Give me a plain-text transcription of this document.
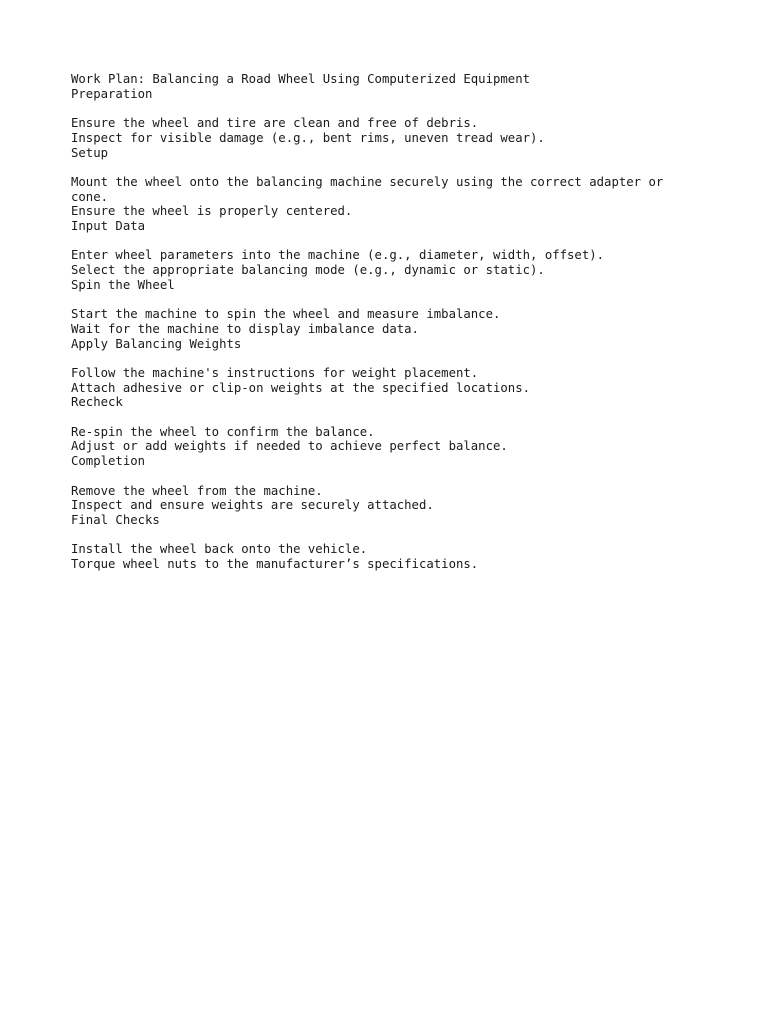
Work Plan: Balancing a Road Wheel Using Computerized Equipment
Preparation
Ensure the wheel and tire are clean and free of debris.
Inspect for visible damage (e.g., bent rims, uneven tread wear).
Setup
Mount the wheel onto the balancing machine securely using the correct adapter or
cone.
Ensure the wheel is properly centered.
Input Data
Enter wheel parameters into the machine (e.g., diameter, width, offset).
Select the appropriate balancing mode (e.g., dynamic or static).
Spin the Wheel
Start the machine to spin the wheel and measure imbalance.
Wait for the machine to display imbalance data.
Apply Balancing Weights
Follow the machine's instructions for weight placement.
Attach adhesive or clip-on weights at the specified locations.
Recheck
Re-spin the wheel to confirm the balance.
Adjust or add weights if needed to achieve perfect balance.
Completion
Remove the wheel from the machine.
Inspect and ensure weights are securely attached.
Final Checks
Install the wheel back onto the vehicle.
Torque wheel nuts to the manufacturer’s specifications.
